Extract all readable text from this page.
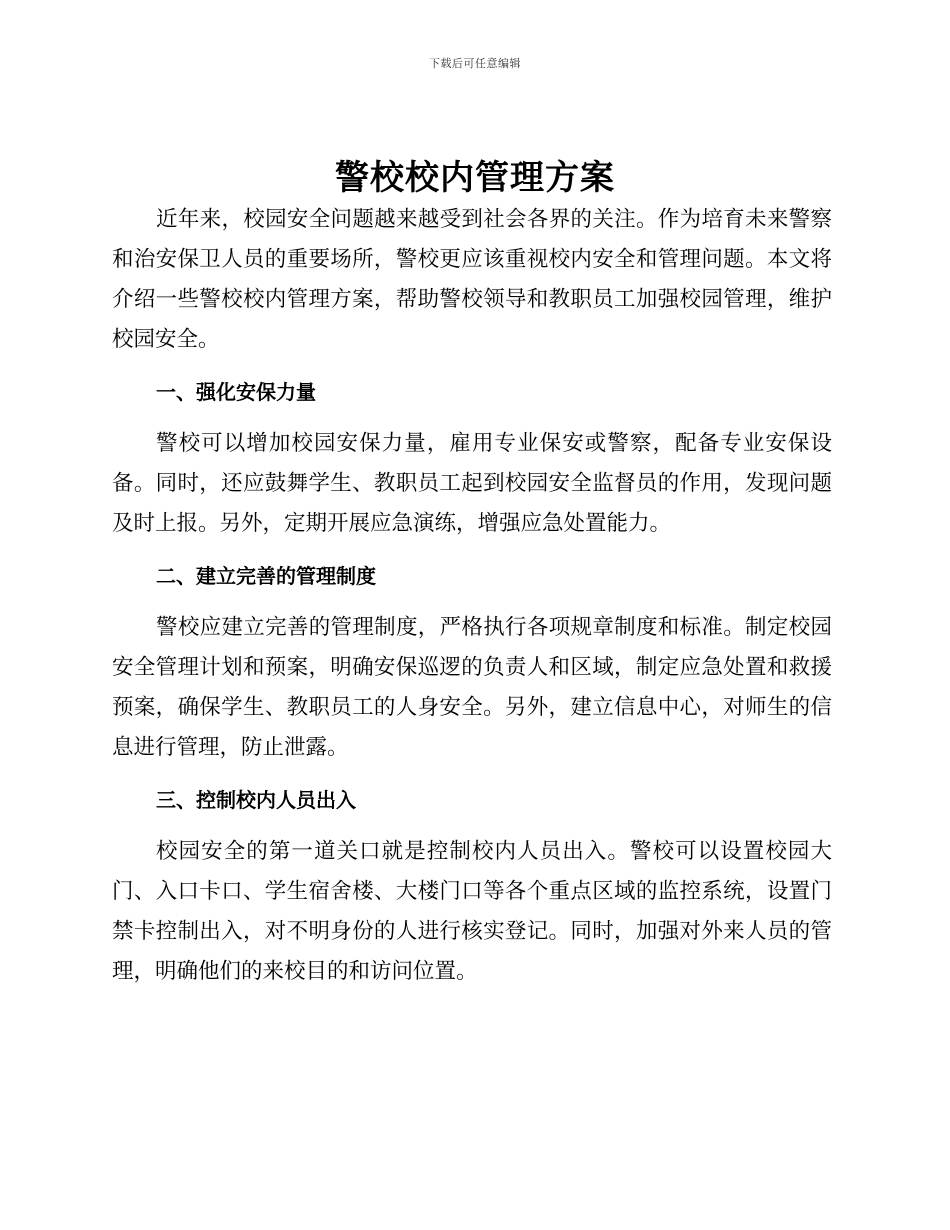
下载后可任意编辑
警校校内管理方案

近年来，校园安全问题越来越受到社会各界的关注。作为培育未来警察和治安保卫人员的重要场所，警校更应该重视校内安全和管理问题。本文将介绍一些警校校内管理方案，帮助警校领导和教职员工加强校园管理，维护校园安全。

一、强化安保力量

警校可以增加校园安保力量，雇用专业保安或警察，配备专业安保设备。同时，还应鼓舞学生、教职员工起到校园安全监督员的作用，发现问题及时上报。另外，定期开展应急演练，增强应急处置能力。

二、建立完善的管理制度

警校应建立完善的管理制度，严格执行各项规章制度和标准。制定校园安全管理计划和预案，明确安保巡逻的负责人和区域，制定应急处置和救援预案，确保学生、教职员工的人身安全。另外，建立信息中心，对师生的信息进行管理，防止泄露。

三、控制校内人员出入

校园安全的第一道关口就是控制校内人员出入。警校可以设置校园大门、入口卡口、学生宿舍楼、大楼门口等各个重点区域的监控系统，设置门禁卡控制出入，对不明身份的人进行核实登记。同时，加强对外来人员的管理，明确他们的来校目的和访问位置。
